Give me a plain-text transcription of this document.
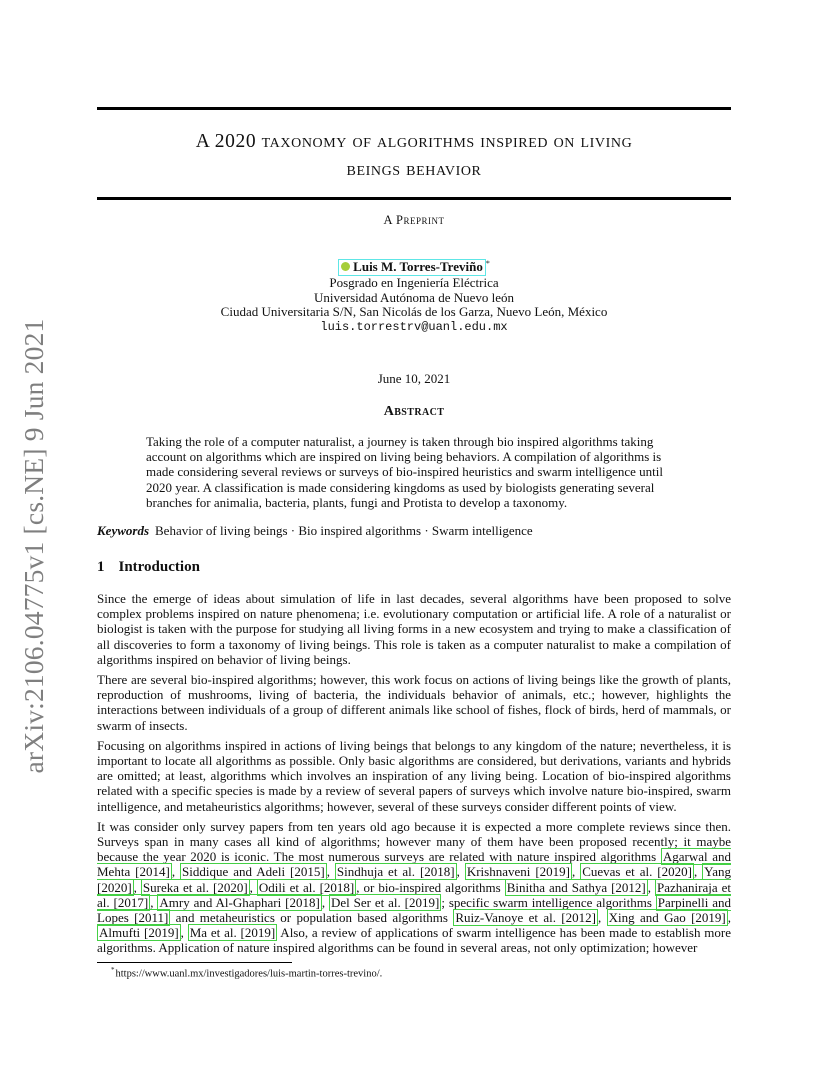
arXiv:2106.04775v1 [cs.NE] 9 Jun 2021
A 2020 taxonomy of algorithms inspired on living
beings behavior
A Preprint
Luis M. Torres-Treviño *
Posgrado en Ingeniería Eléctrica
Universidad Autónoma de Nuevo león
Ciudad Universitaria S/N, San Nicolás de los Garza, Nuevo León, México
luis.torrestrv@uanl.edu.mx
June 10, 2021
Abstract
Taking the role of a computer naturalist, a journey is taken through bio inspired algorithms taking account on algorithms which are inspired on living being behaviors. A compilation of algorithms is made considering several reviews or surveys of bio-inspired heuristics and swarm intelligence until 2020 year. A classification is made considering kingdoms as used by biologists generating several branches for animalia, bacteria, plants, fungi and Protista to develop a taxonomy.
Keywords Behavior of living beings · Bio inspired algorithms · Swarm intelligence
1 Introduction

Since the emerge of ideas about simulation of life in last decades, several algorithms have been proposed to solve complex problems inspired on nature phenomena; i.e. evolutionary computation or artificial life. A role of a naturalist or biologist is taken with the purpose for studying all living forms in a new ecosystem and trying to make a classification of all discoveries to form a taxonomy of living beings. This role is taken as a computer naturalist to make a compilation of algorithms inspired on behavior of living beings.

There are several bio-inspired algorithms; however, this work focus on actions of living beings like the growth of plants, reproduction of mushrooms, living of bacteria, the individuals behavior of animals, etc.; however, highlights the interactions between individuals of a group of different animals like school of fishes, flock of birds, herd of mammals, or swarm of insects.

Focusing on algorithms inspired in actions of living beings that belongs to any kingdom of the nature; nevertheless, it is important to locate all algorithms as possible. Only basic algorithms are considered, but derivations, variants and hybrids are omitted; at least, algorithms which involves an inspiration of any living being. Location of bio-inspired algorithms related with a specific species is made by a review of several papers of surveys which involve nature bio-inspired, swarm intelligence, and metaheuristics algorithms; however, several of these surveys consider different points of view.

It was consider only survey papers from ten years old ago because it is expected a more complete reviews since then. Surveys span in many cases all kind of algorithms; however many of them have been proposed recently; it maybe because the year 2020 is iconic. The most numerous surveys are related with nature inspired algorithms Agarwal and Mehta [2014] , Siddique and Adeli [2015] , Sindhuja et al. [2018] , Krishnaveni [2019] , Cuevas et al. [2020] , Yang [2020] , Sureka et al. [2020] , Odili et al. [2018] , or bio-inspired algorithms Binitha and Sathya [2012] , Pazhaniraja et al. [2017] , Amry and Al-Ghaphari [2018] , Del Ser et al. [2019] ; specific swarm intelligence algorithms Parpinelli and Lopes [2011] and metaheuristics or population based algorithms Ruiz-Vanoye et al. [2012] , Xing and Gao [2019] , Almufti [2019] , Ma et al. [2019] Also, a review of applications of swarm intelligence has been made to establish more algorithms. Application of nature inspired algorithms can be found in several areas, not only optimization; however

*https://www.uanl.mx/investigadores/luis-martin-torres-trevino/.
